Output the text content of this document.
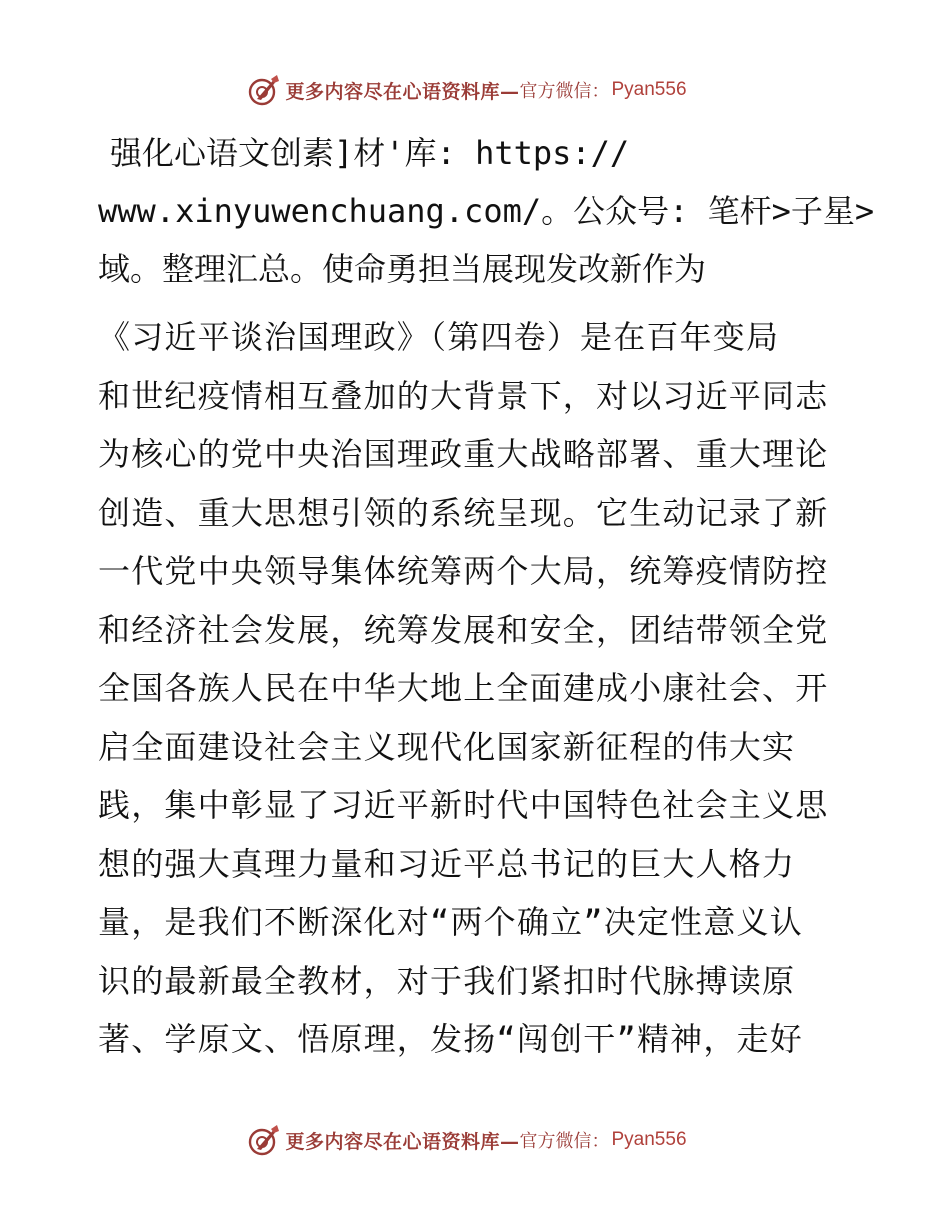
更多内容尽在心语资料库— 官方微信： Pyan556
强化心语文创素]材'库: https://
www.xinyuwenchuang.com/。公众号: 笔杆>子星>
域。整理汇总。使命勇担当展现发改新作为
《习近平谈治国理政》（第四卷）是在百年变局
和世纪疫情相互叠加的大背景下，对以习近平同志
为核心的党中央治国理政重大战略部署、重大理论
创造、重大思想引领的系统呈现。它生动记录了新
一代党中央领导集体统筹两个大局，统筹疫情防控
和经济社会发展，统筹发展和安全，团结带领全党
全国各族人民在中华大地上全面建成小康社会、开
启全面建设社会主义现代化国家新征程的伟大实
践，集中彰显了习近平新时代中国特色社会主义思
想的强大真理力量和习近平总书记的巨大人格力
量，是我们不断深化对“两个确立”决定性意义认
识的最新最全教材，对于我们紧扣时代脉搏读原
著、学原文、悟原理，发扬“闯创干”精神，走好
更多内容尽在心语资料库— 官方微信： Pyan556
